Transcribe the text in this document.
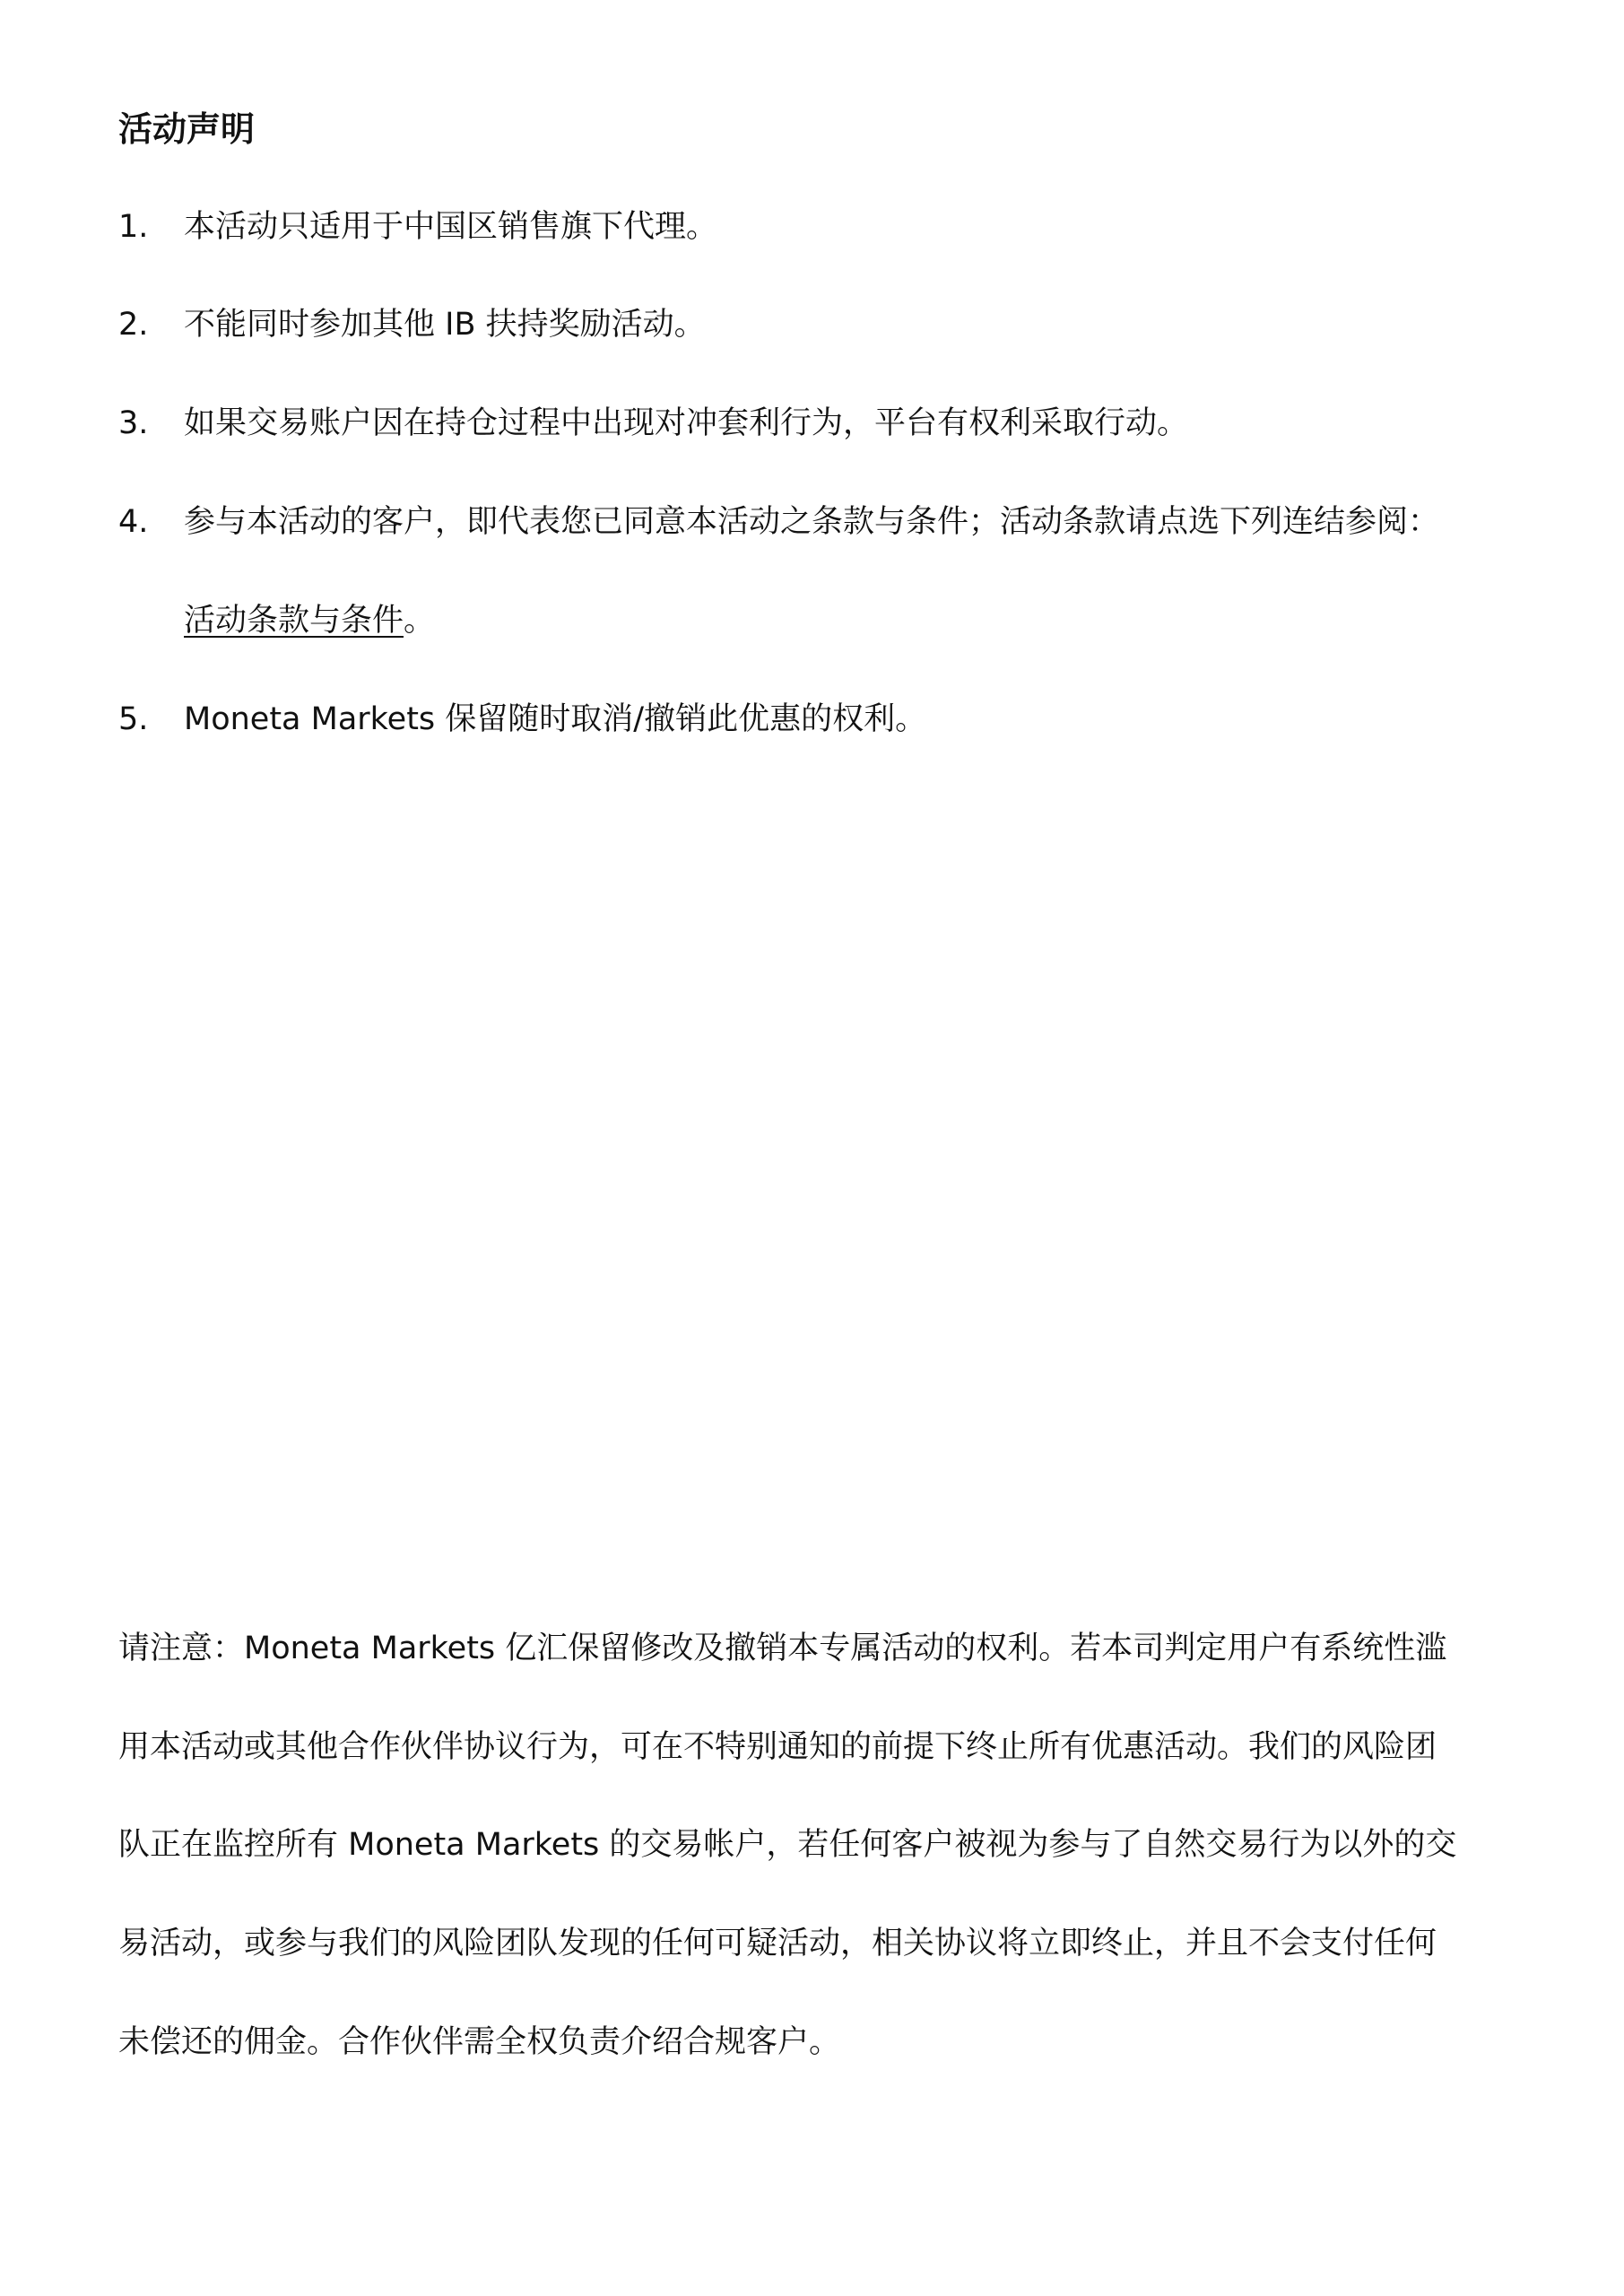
活动声明
1.	本活动只适用于中国区销售旗下代理。
2.	不能同时参加其他 IB 扶持奖励活动。
3.	如果交易账户因在持仓过程中出现对冲套利行为，平台有权利采取行动。
4.	参与本活动的客户，即代表您已同意本活动之条款与条件；活动条款请点选下列连结参阅：
活动条款与条件。
5.	Moneta Markets 保留随时取消/撤销此优惠的权利。
请注意：Moneta Markets 亿汇保留修改及撤销本专属活动的权利。若本司判定用户有系统性滥
用本活动或其他合作伙伴协议行为，可在不特别通知的前提下终止所有优惠活动。我们的风险团
队正在监控所有 Moneta Markets 的交易帐户，若任何客户被视为参与了自然交易行为以外的交
易活动，或参与我们的风险团队发现的任何可疑活动，相关协议将立即终止，并且不会支付任何
未偿还的佣金。合作伙伴需全权负责介绍合规客户。
